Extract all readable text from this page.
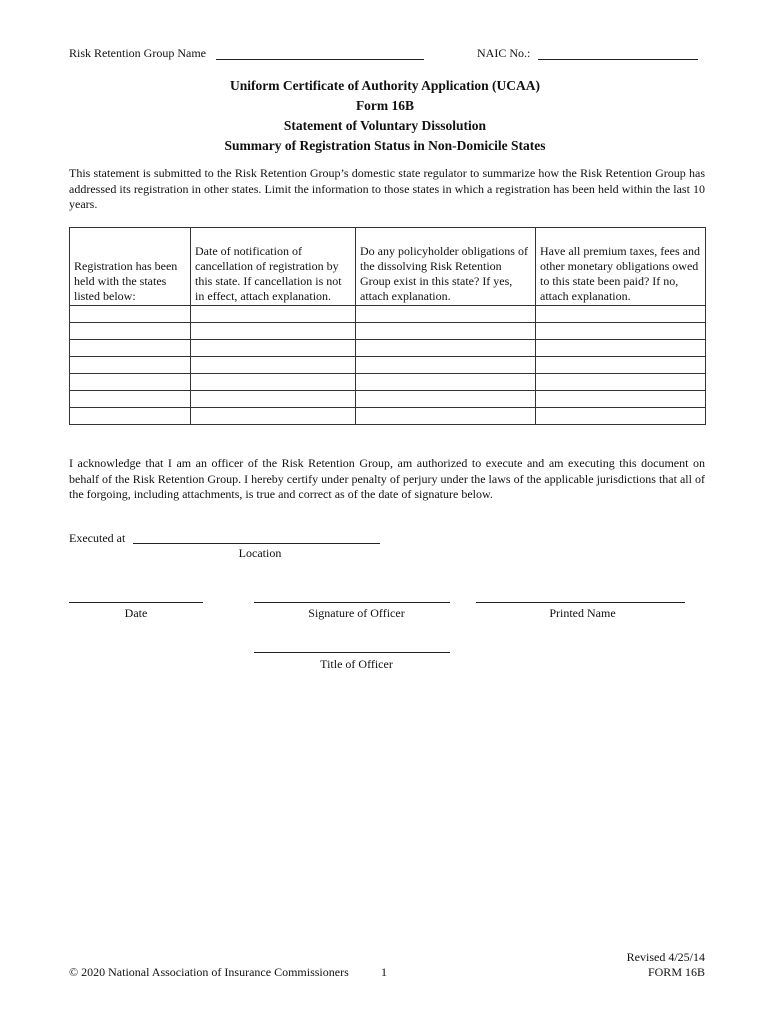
Risk Retention Group Name	NAIC No.:
Uniform Certificate of Authority Application (UCAA)
Form 16B
Statement of Voluntary Dissolution
Summary of Registration Status in Non-Domicile States
This statement is submitted to the Risk Retention Group’s domestic state regulator to summarize how the Risk Retention Group has addressed its registration in other states. Limit the information to those states in which a registration has been held within the last 10 years.
Registration has been held with the states listed below:	Date of notification of cancellation of registration by this state. If cancellation is not in effect, attach explanation.	Do any policyholder obligations of the dissolving Risk Retention Group exist in this state? If yes, attach explanation.	Have all premium taxes, fees and other monetary obligations owed to this state been paid? If no, attach explanation.

I acknowledge that I am an officer of the Risk Retention Group, am authorized to execute and am executing this document on behalf of the Risk Retention Group. I hereby certify under penalty of perjury under the laws of the applicable jurisdictions that all of the forgoing, including attachments, is true and correct as of the date of signature below.
Executed at
Location
Date	Signature of Officer	Printed Name
Title of Officer
© 2020 National Association of Insurance Commissioners	1
Revised 4/25/14
FORM 16B
